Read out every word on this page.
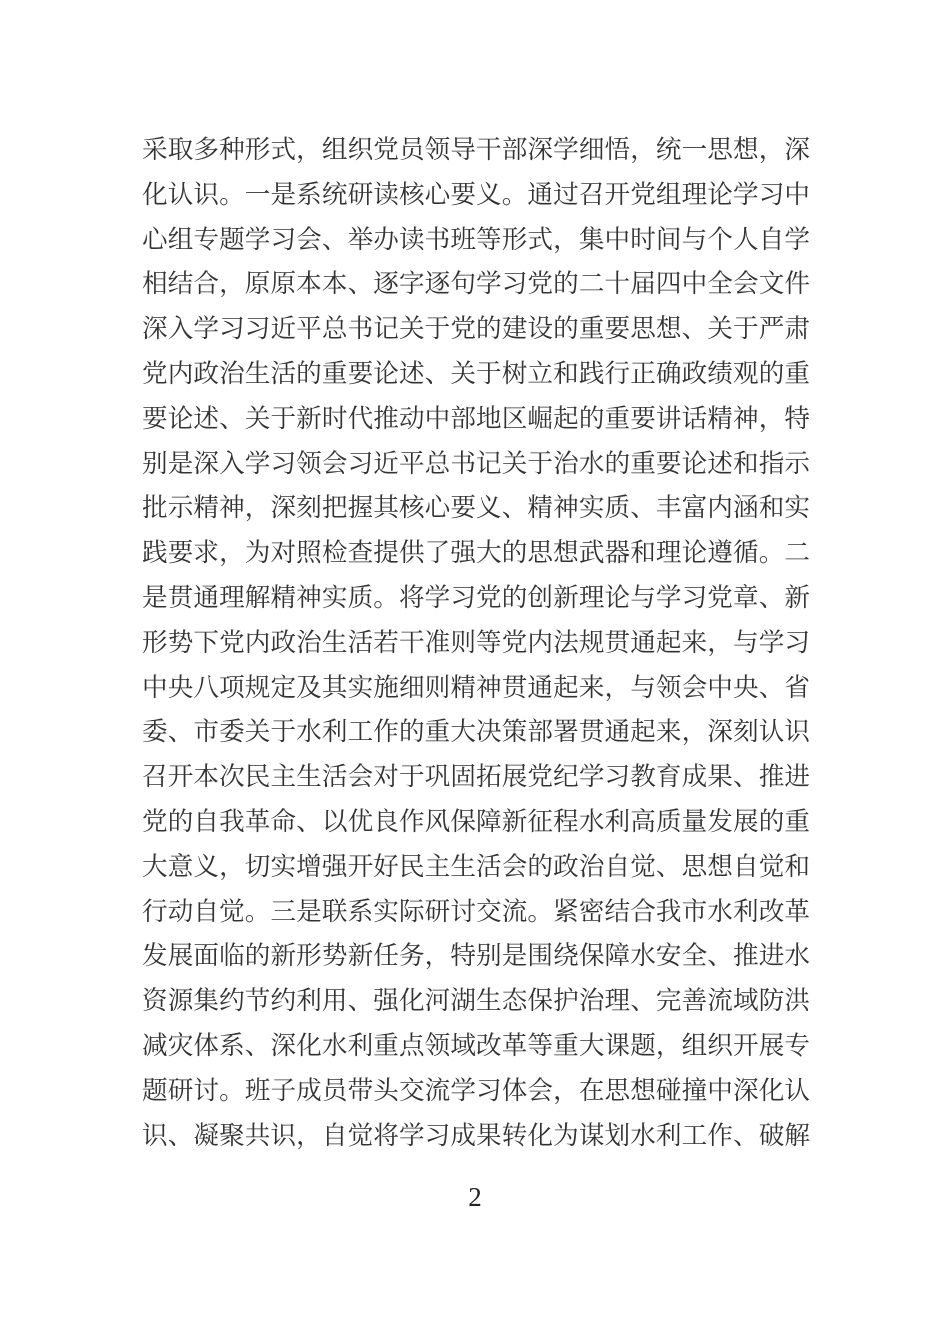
采取多种形式，组织党员领导干部深学细悟，统一思想，深
化认识。一是系统研读核心要义。通过召开党组理论学习中
心组专题学习会、举办读书班等形式，集中时间与个人自学
相结合，原原本本、逐字逐句学习党的二十届四中全会文件
深入学习习近平总书记关于党的建设的重要思想、关于严肃
党内政治生活的重要论述、关于树立和践行正确政绩观的重
要论述、关于新时代推动中部地区崛起的重要讲话精神，特
别是深入学习领会习近平总书记关于治水的重要论述和指示
批示精神，深刻把握其核心要义、精神实质、丰富内涵和实
践要求，为对照检查提供了强大的思想武器和理论遵循。二
是贯通理解精神实质。将学习党的创新理论与学习党章、新
形势下党内政治生活若干准则等党内法规贯通起来，与学习
中央八项规定及其实施细则精神贯通起来，与领会中央、省
委、市委关于水利工作的重大决策部署贯通起来，深刻认识
召开本次民主生活会对于巩固拓展党纪学习教育成果、推进
党的自我革命、以优良作风保障新征程水利高质量发展的重
大意义，切实增强开好民主生活会的政治自觉、思想自觉和
行动自觉。三是联系实际研讨交流。紧密结合我市水利改革
发展面临的新形势新任务，特别是围绕保障水安全、推进水
资源集约节约利用、强化河湖生态保护治理、完善流域防洪
减灾体系、深化水利重点领域改革等重大课题，组织开展专
题研讨。班子成员带头交流学习体会，在思想碰撞中深化认
识、凝聚共识，自觉将学习成果转化为谋划水利工作、破解
2
